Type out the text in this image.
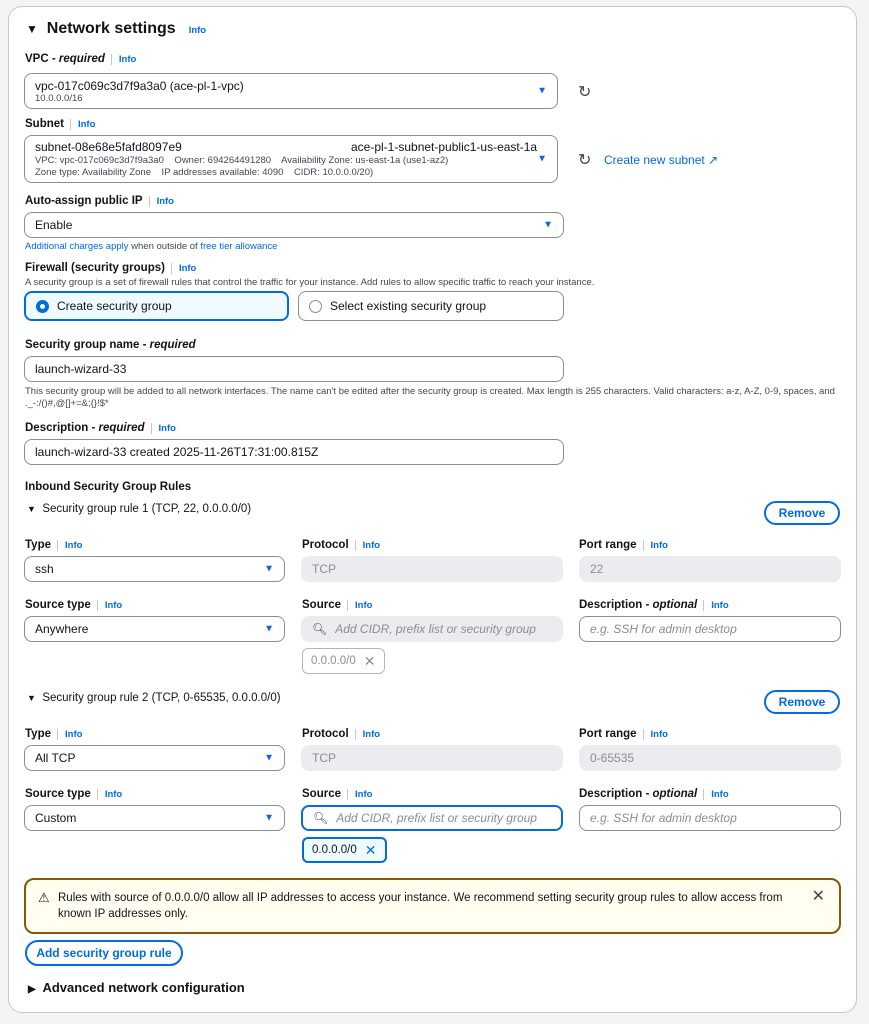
▼ Network settings Info
VPC - required Info
vpc-017c069c3d7f9a3a0 (ace-pl-1-vpc)
10.0.0.0/16
▼ ↻
Subnet Info
subnet-08e68e5fafd8097e9	ace-pl-1-subnet-public1-us-east-1a
VPC: vpc-017c069c3d7f9a3a0    Owner: 694264491280    Availability Zone: us-east-1a (use1-az2)
Zone type: Availability Zone    IP addresses available: 4090    CIDR: 10.0.0.0/20)
▼ ↻ Create new subnet ↗
Auto-assign public IP Info
Enable	▼
Additional charges apply when outside of free tier allowance
Firewall (security groups) Info
A security group is a set of firewall rules that control the traffic for your instance. Add rules to allow specific traffic to reach your instance.
Create security group	Select existing security group
Security group name - required
launch-wizard-33
This security group will be added to all network interfaces. The name can't be edited after the security group is created. Max length is 255 characters. Valid characters: a-z, A-Z, 0-9, spaces, and ._-:/()#,@[]+=&;{}!$*
Description - required Info
launch-wizard-33 created 2025-11-26T17:31:00.815Z
Inbound Security Group Rules
▼ Security group rule 1 (TCP, 22, 0.0.0.0/0)	Remove
Type Info	Protocol Info	Port range Info
ssh	▼	TCP	22
Source type Info	Source Info	Description - optional Info
Anywhere	▼	🔍︎ Add CIDR, prefix list or security group	e.g. SSH for admin desktop
0.0.0.0/0 ✕
▼ Security group rule 2 (TCP, 0-65535, 0.0.0.0/0)	Remove
Type Info	Protocol Info	Port range Info
All TCP	▼	TCP	0-65535
Source type Info	Source Info	Description - optional Info
Custom	▼	🔍︎ Add CIDR, prefix list or security group	e.g. SSH for admin desktop
0.0.0.0/0 ✕
⚠ Rules with source of 0.0.0.0/0 allow all IP addresses to access your instance. We recommend setting security group rules to allow access from known IP addresses only.
✕
Add security group rule
▶ Advanced network configuration
